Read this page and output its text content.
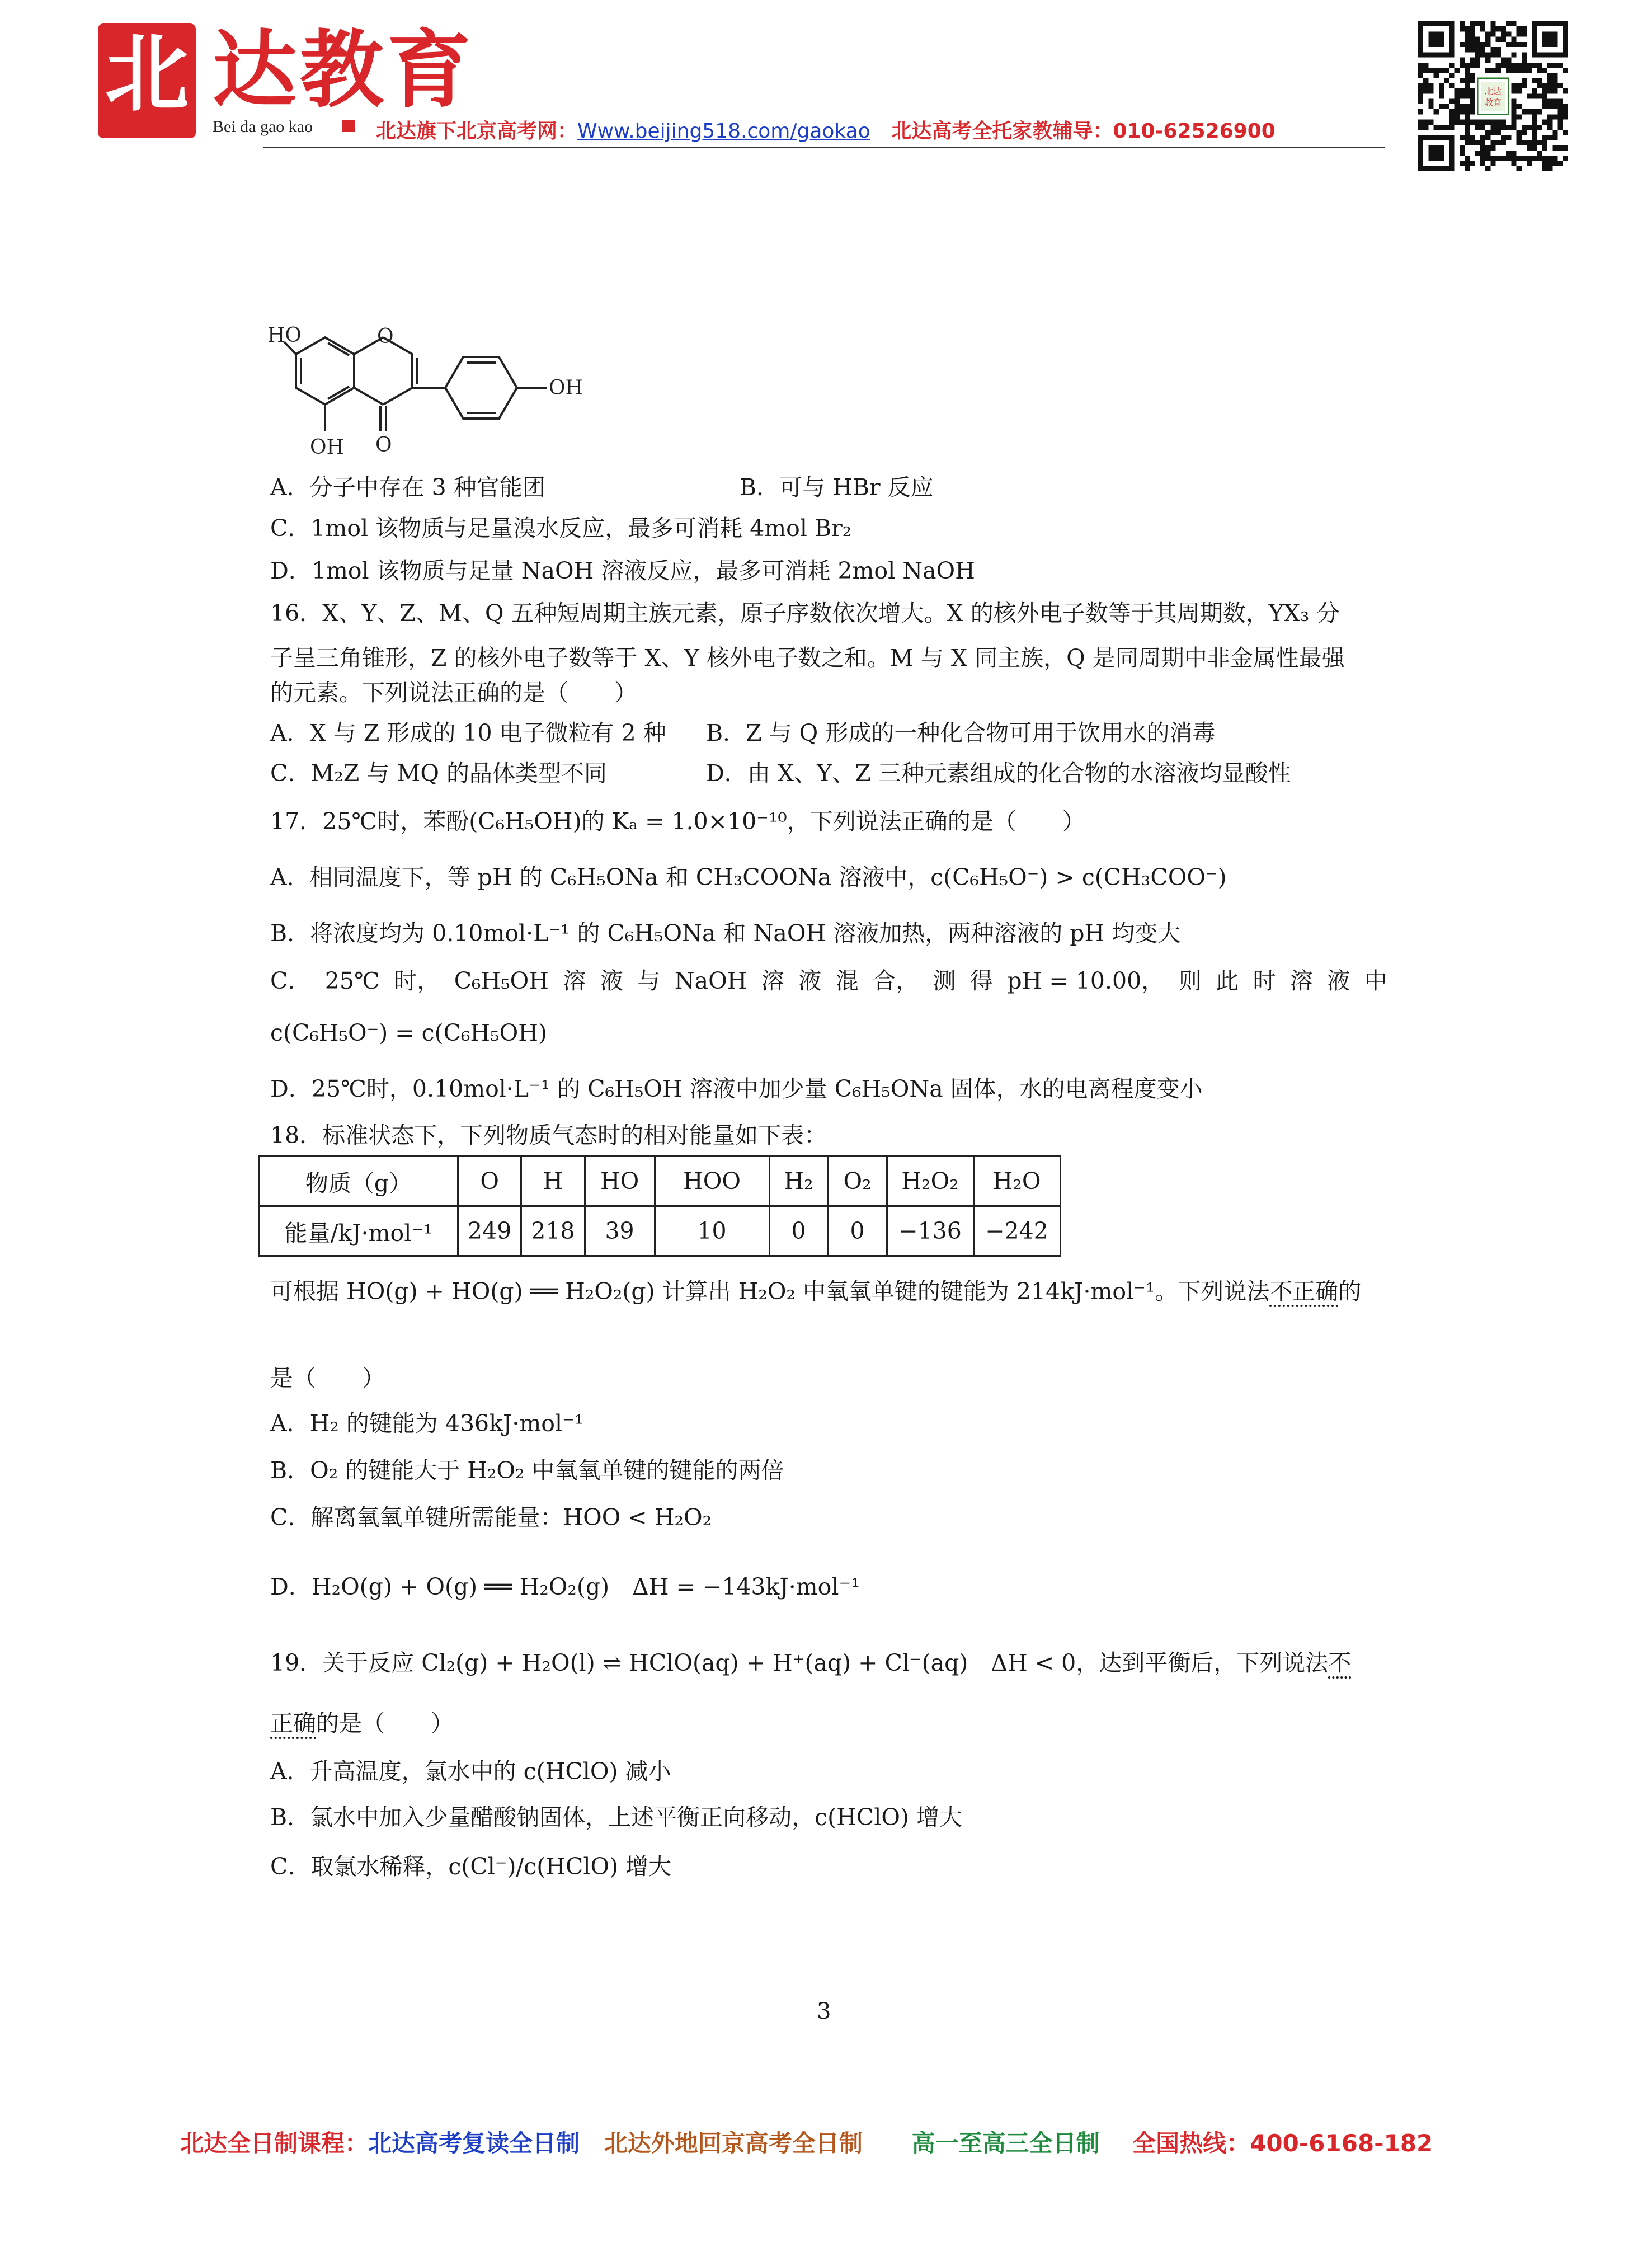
北 达教育
Bei da gao kao	北达旗下北京高考网：Www.beijing518.com/gaokao 北达高考全托家教辅导：010-62526900
北达
教育
HO	O
OH O
OH
A．分子中存在 3 种官能团	B．可与 HBr 反应
C．1mol 该物质与足量溴水反应，最多可消耗 4mol Br₂
D．1mol 该物质与足量 NaOH 溶液反应，最多可消耗 2mol NaOH
16．X、Y、Z、M、Q 五种短周期主族元素，原子序数依次增大。X 的核外电子数等于其周期数，YX₃ 分
子呈三角锥形，Z 的核外电子数等于 X、Y 核外电子数之和。M 与 X 同主族，Q 是同周期中非金属性最强
的元素。下列说法正确的是（　　）
A．X 与 Z 形成的 10 电子微粒有 2 种 B．Z 与 Q 形成的一种化合物可用于饮用水的消毒
C．M₂Z 与 MQ 的晶体类型不同	D．由 X、Y、Z 三种元素组成的化合物的水溶液均显酸性
17．25℃时，苯酚(C₆H₅OH)的 Kₐ = 1.0×10⁻¹⁰，下列说法正确的是（　　）
A．相同温度下，等 pH 的 C₆H₅ONa 和 CH₃COONa 溶液中，c(C₆H₅O⁻) > c(CH₃COO⁻)
B．将浓度均为 0.10mol·L⁻¹ 的 C₆H₅ONa 和 NaOH 溶液加热，两种溶液的 pH 均变大
C． 25℃ 时， C₆H₅OH 溶 液 与 NaOH 溶 液 混 合， 测 得 pH = 10.00， 则 此 时 溶 液 中
c(C₆H₅O⁻) = c(C₆H₅OH)
D．25℃时，0.10mol·L⁻¹ 的 C₆H₅OH 溶液中加少量 C₆H₅ONa 固体，水的电离程度变小
18．标准状态下，下列物质气态时的相对能量如下表：
物质（g）	O	H	HO	HOO	H₂	O₂	H₂O₂	H₂O
能量/kJ·mol⁻¹	249	218	39	10	0	0	−136	−242
可根据 HO(g) + HO(g) ══ H₂O₂(g) 计算出 H₂O₂ 中氧氧单键的键能为 214kJ·mol⁻¹。下列说法不正确的
是（　　）
A．H₂ 的键能为 436kJ·mol⁻¹
B．O₂ 的键能大于 H₂O₂ 中氧氧单键的键能的两倍
C．解离氧氧单键所需能量：HOO < H₂O₂
D．H₂O(g) + O(g) ══ H₂O₂(g)　ΔH = −143kJ·mol⁻¹
19．关于反应 Cl₂(g) + H₂O(l) ⇌ HClO(aq) + H⁺(aq) + Cl⁻(aq)　ΔH < 0，达到平衡后，下列说法不
正确的是（　　）
A．升高温度，氯水中的 c(HClO) 减小
B．氯水中加入少量醋酸钠固体，上述平衡正向移动，c(HClO) 增大
C．取氯水稀释，c(Cl⁻)/c(HClO) 增大
3
北达全日制课程：北达高考复读全日制 北达外地回京高考全日制 高一至高三全日制 全国热线：400-6168-182
